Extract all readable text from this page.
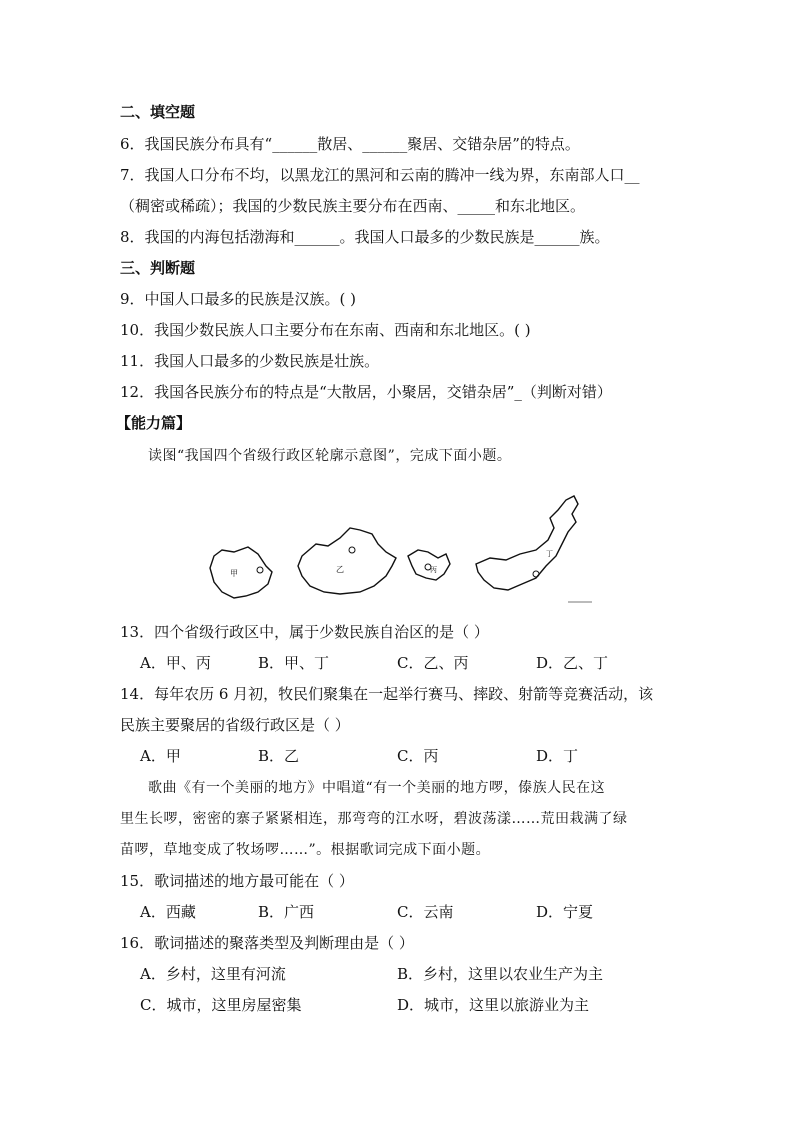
二、填空题
6．我国民族分布具有“______散居、______聚居、交错杂居”的特点。
7．我国人口分布不均，以黑龙江的黑河和云南的腾冲一线为界，东南部人口__
（稠密或稀疏）；我国的少数民族主要分布在西南、_____和东北地区。
8．我国的内海包括渤海和______。我国人口最多的少数民族是______族。
三、判断题
9．中国人口最多的民族是汉族。( )
10．我国少数民族人口主要分布在东南、西南和东北地区。( )
11．我国人口最多的少数民族是壮族。
12．我国各民族分布的特点是“大散居，小聚居，交错杂居”_（判断对错）
【能力篇】
读图“我国四个省级行政区轮廓示意图”，完成下面小题。
甲	乙	丙
丁
13．四个省级行政区中，属于少数民族自治区的是（ ）
A．甲、丙	B．甲、丁	C．乙、丙	D．乙、丁
14．每年农历 6 月初，牧民们聚集在一起举行赛马、摔跤、射箭等竞赛活动，该
民族主要聚居的省级行政区是（ ）
A．甲	B．乙	C．丙	D．丁
歌曲《有一个美丽的地方》中唱道“有一个美丽的地方啰，傣族人民在这
里生长啰，密密的寨子紧紧相连，那弯弯的江水呀，碧波荡漾……荒田栽满了绿
苗啰，草地变成了牧场啰……”。根据歌词完成下面小题。
15．歌词描述的地方最可能在（ ）
A．西藏	B．广西	C．云南	D．宁夏
16．歌词描述的聚落类型及判断理由是（ ）
A．乡村，这里有河流	B．乡村，这里以农业生产为主
C．城市，这里房屋密集	D．城市，这里以旅游业为主
